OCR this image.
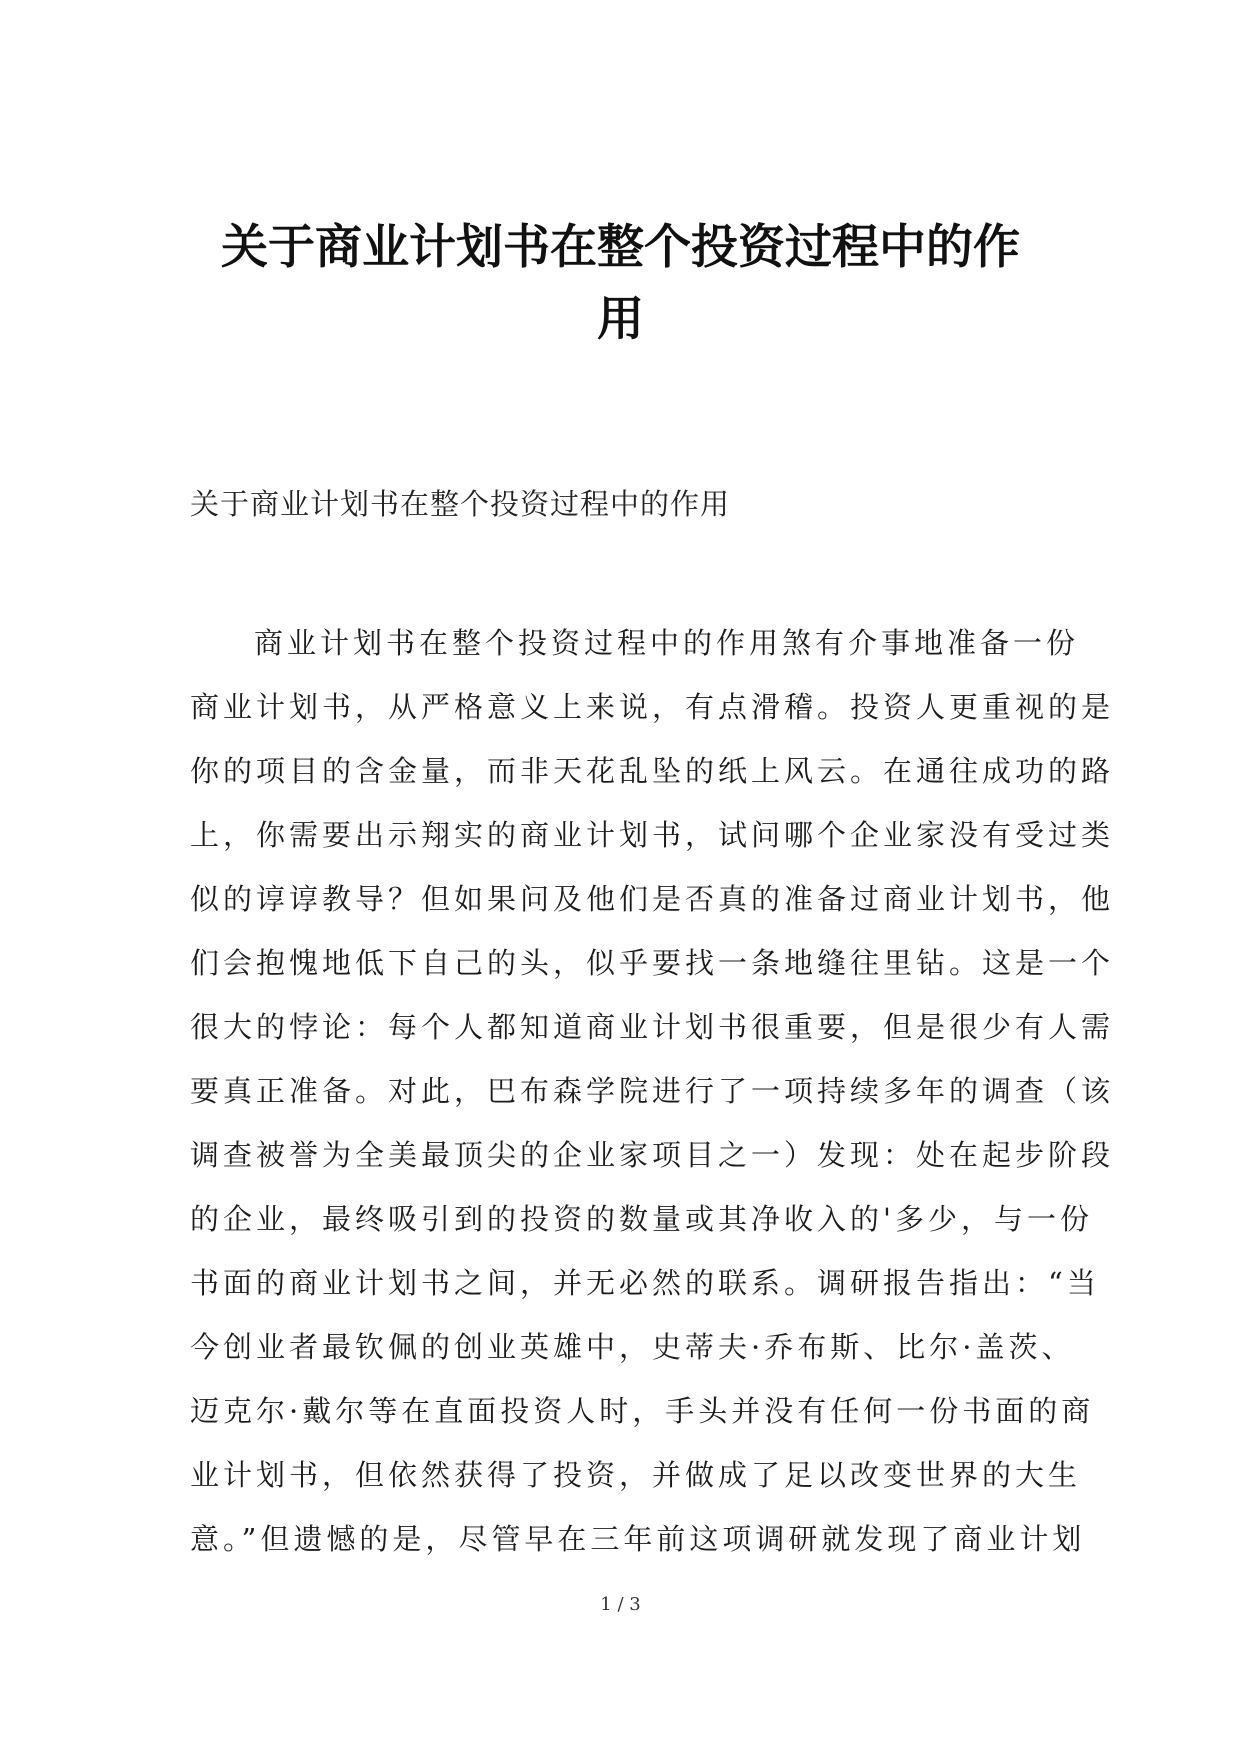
关于商业计划书在整个投资过程中的作
用

关于商业计划书在整个投资过程中的作用

商业计划书在整个投资过程中的作用煞有介事地准备一份
商业计划书，从严格意义上来说，有点滑稽。投资人更重视的是
你的项目的含金量，而非天花乱坠的纸上风云。在通往成功的路
上，你需要出示翔实的商业计划书，试问哪个企业家没有受过类
似的谆谆教导？但如果问及他们是否真的准备过商业计划书，他
们会抱愧地低下自己的头，似乎要找一条地缝往里钻。这是一个
很大的悖论：每个人都知道商业计划书很重要，但是很少有人需
要真正准备。对此，巴布森学院进行了一项持续多年的调查（该
调查被誉为全美最顶尖的企业家项目之一）发现：处在起步阶段
的企业，最终吸引到的投资的数量或其净收入的'多少，与一份
书面的商业计划书之间，并无必然的联系。调研报告指出：“当
今创业者最钦佩的创业英雄中，史蒂夫·乔布斯、比尔·盖茨、
迈克尔·戴尔等在直面投资人时，手头并没有任何一份书面的商
业计划书，但依然获得了投资，并做成了足以改变世界的大生
意。”但遗憾的是，尽管早在三年前这项调研就发现了商业计划
1 / 3
